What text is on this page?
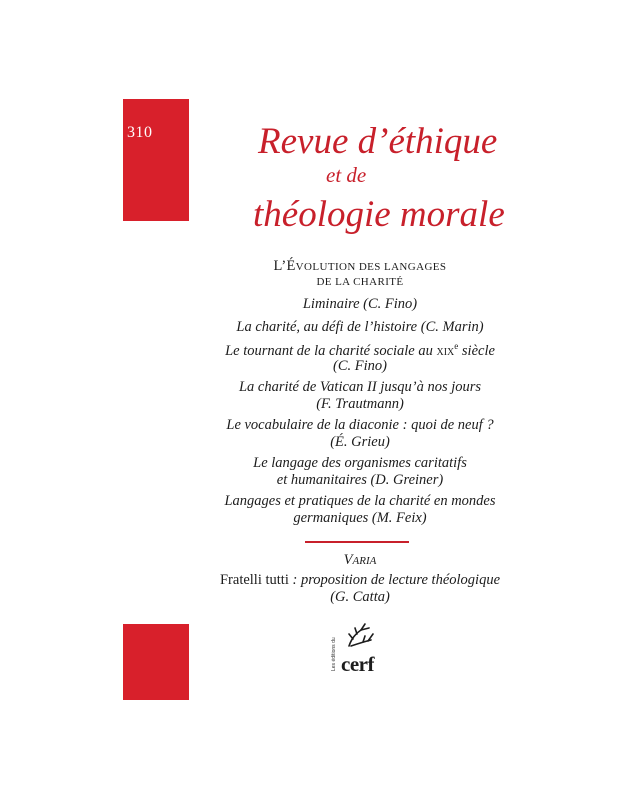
310	Revue d’éthique
et de
théologie morale
L’ÉVOLUTION DES LANGAGES
DE LA CHARITÉ
Liminaire (C. Fino)
La charité, au défi de l’histoire (C. Marin)
Le tournant de la charité sociale au XIXe siècle
(C. Fino)
La charité de Vatican II jusqu’à nos jours
(F. Trautmann)
Le vocabulaire de la diaconie : quoi de neuf ?
(É. Grieu)
Le langage des organismes caritatifs
et humanitaires (D. Greiner)
Langages et pratiques de la charité en mondes
germaniques (M. Feix)
VARIA
Fratelli tutti : proposition de lecture théologique
(G. Catta)
Les éditions du cerf
